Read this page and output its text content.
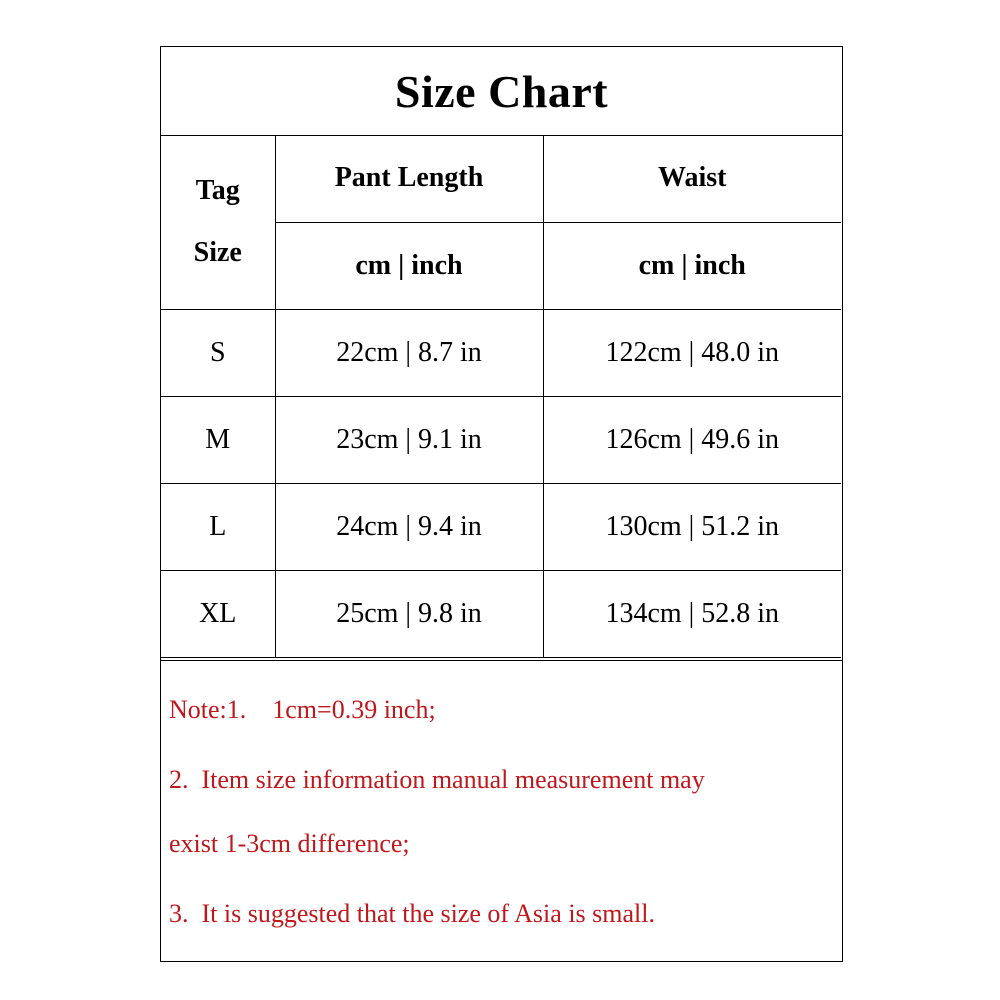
Size Chart
Tag
Size	Pant Length	Waist
	cm | inch	cm | inch
S	22cm | 8.7 in	122cm | 48.0 in
M	23cm | 9.1 in	126cm | 49.6 in
L	24cm | 9.4 in	130cm | 51.2 in
XL	25cm | 9.8 in	134cm | 52.8 in
Note:1.    1cm=0.39 inch;
2.  Item size information manual measurement may
exist 1-3cm difference;
3.  It is suggested that the size of Asia is small.
